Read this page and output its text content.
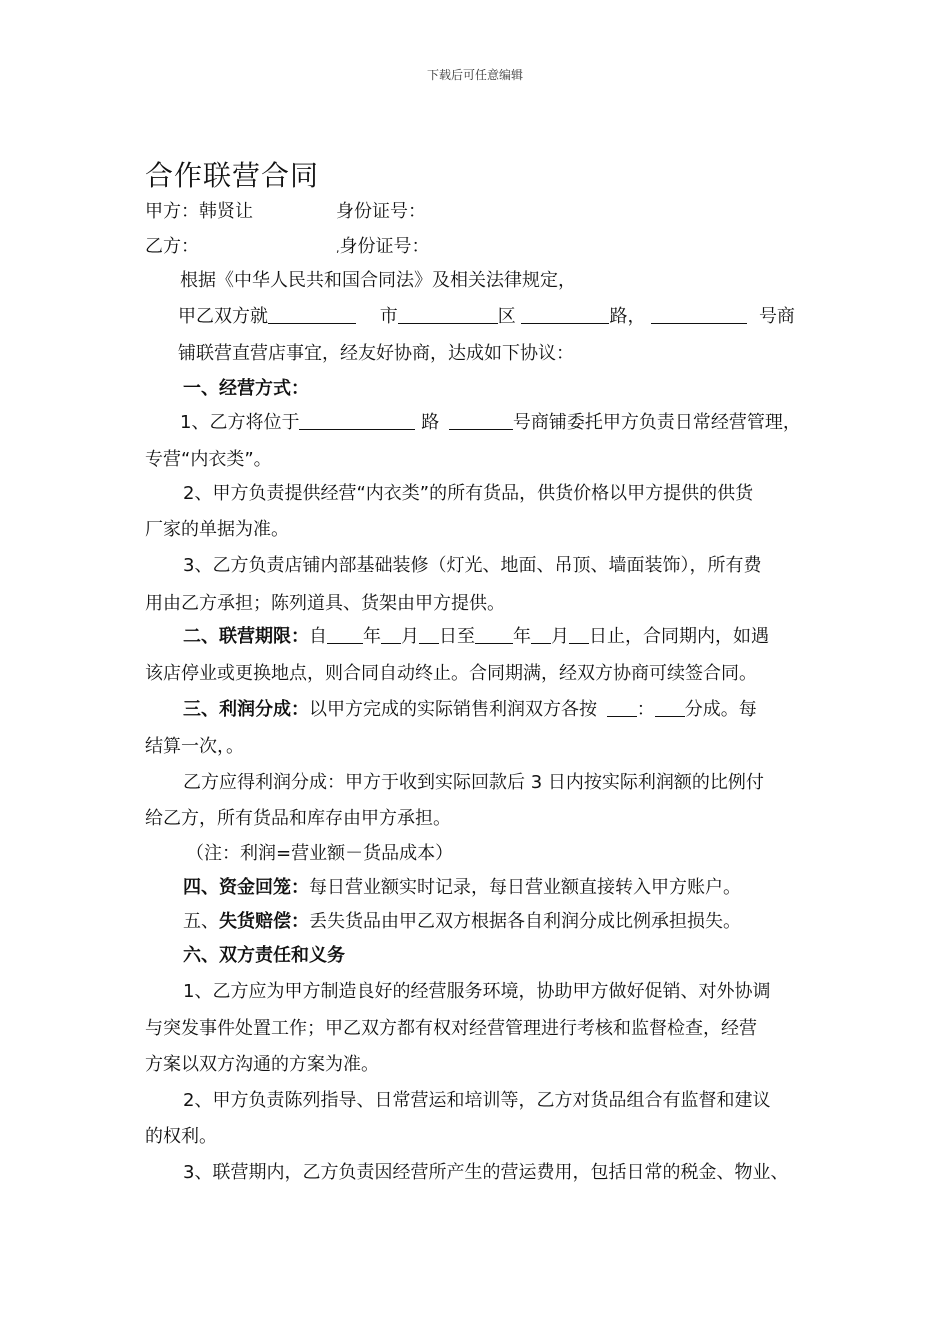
下载后可任意编辑
合作联营合同
甲方：韩贤让	身份证号：
乙方：	,身份证号：
根据《中华人民共和国合同法》及相关法律规定，
甲乙双方就	市	区	路，	号商
铺联营直营店事宜，经友好协商，达成如下协议：
一、经营方式：
1、乙方将位于	路	号商铺委托甲方负责日常经营管理，
专营“内衣类”。
2、甲方负责提供经营“内衣类”的所有货品，供货价格以甲方提供的供货
厂家的单据为准。
3、乙方负责店铺内部基础装修（灯光、地面、吊顶、墙面装饰），所有费
用由乙方承担；陈列道具、货架由甲方提供。
二、联营期限：自 年 月 日至 年 月 日止，合同期内，如遇
该店停业或更换地点，则合同自动终止。合同期满，经双方协商可续签合同。
三、利润分成：以甲方完成的实际销售利润双方各按 ： 分成。每
结算一次，。
乙方应得利润分成：甲方于收到实际回款后 3 日内按实际利润额的比例付
给乙方，所有货品和库存由甲方承担。
（注：利润=营业额－货品成本）
四、资金回笼：每日营业额实时记录，每日营业额直接转入甲方账户。
五、失货赔偿：丢失货品由甲乙双方根据各自利润分成比例承担损失。
六、双方责任和义务
1、乙方应为甲方制造良好的经营服务环境，协助甲方做好促销、对外协调
与突发事件处置工作；甲乙双方都有权对经营管理进行考核和监督检查，经营
方案以双方沟通的方案为准。
2、甲方负责陈列指导、日常营运和培训等，乙方对货品组合有监督和建议
的权利。
3、联营期内，乙方负责因经营所产生的营运费用，包括日常的税金、物业、
